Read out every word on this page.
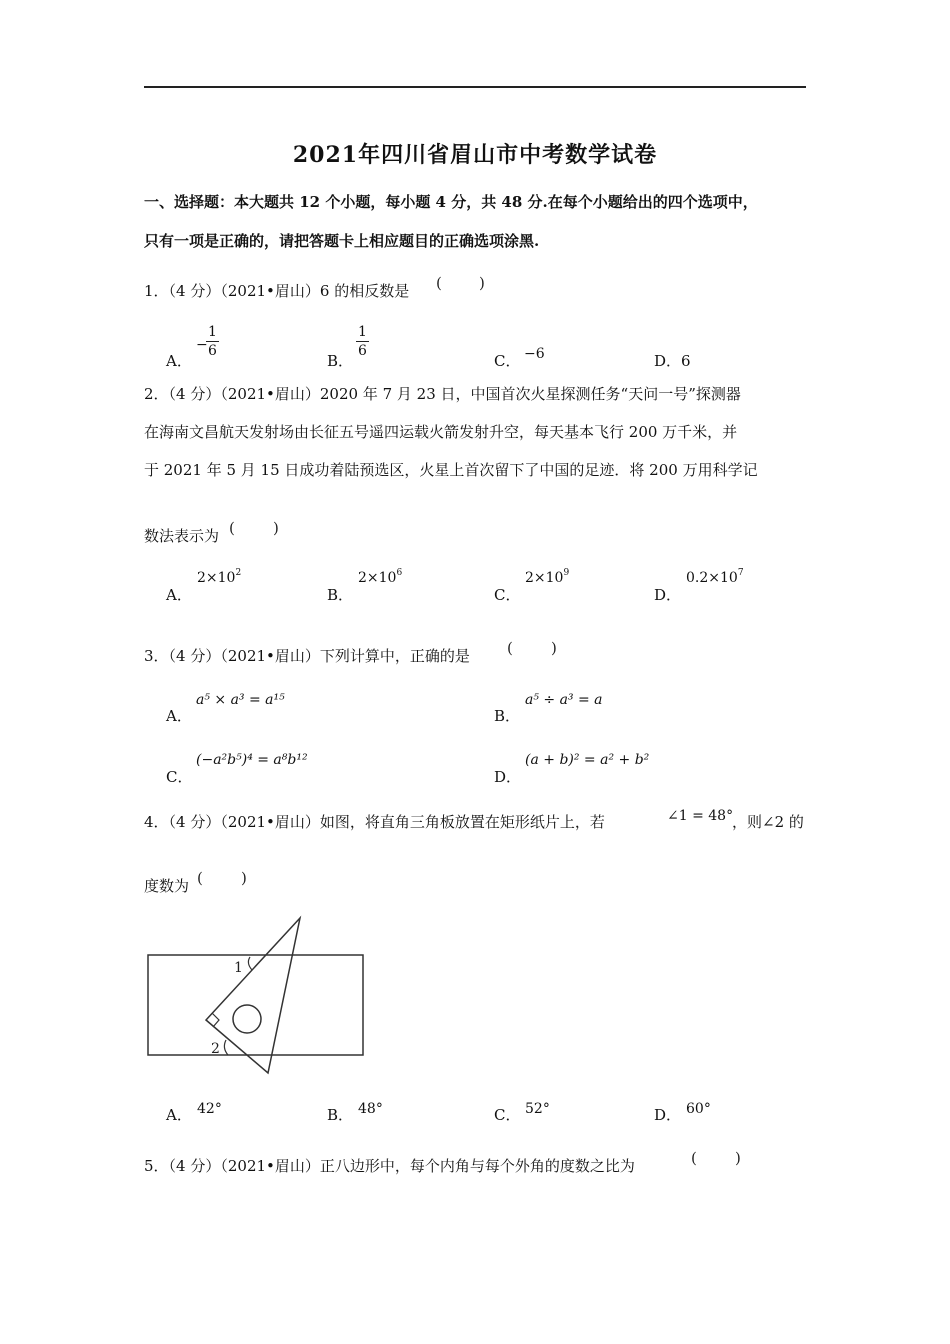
2021年四川省眉山市中考数学试卷
一、选择题：本大题共 12 个小题，每小题 4 分，共 48 分.在每个小题给出的四个选项中，
只有一项是正确的，请把答题卡上相应题目的正确选项涂黑.
1．（4 分）（2021•眉山）6 的相反数是	( )
A．
−
$\frac{1}{6}$
B．
$\frac{1}{6}$
C． −6	D．6
2．（4 分）（2021•眉山）2020 年 7 月 23 日，中国首次火星探测任务“天问一号”探测器
在海南文昌航天发射场由长征五号遥四运载火箭发射升空，每天基本飞行 200 万千米，并
于 2021 年 5 月 15 日成功着陆预选区，火星上首次留下了中国的足迹．将 200 万用科学记
数法表示为 (	)
A．
$2\times 10^2$
B．
$2\times 10^6$
C．
$2\times 10^9$
D．
$0.2\times 10^7$
3．（4 分）（2021•眉山）下列计算中，正确的是	(	)
A．
a⁵ × a³ = a¹⁵
B．
a⁵ ÷ a³ = a
C．
(−a²b⁵)⁴ = a⁸b¹²
D．
(a + b)² = a² + b²
4．（4 分）（2021•眉山）如图，将直角三角板放置在矩形纸片上，若	∠1 = 48°
，则∠2 的
度数为 (	)
1
2
A． 42°	B． 48°	C． 52°	D． 60°
5．（4 分）（2021•眉山）正八边形中，每个内角与每个外角的度数之比为	(	)
